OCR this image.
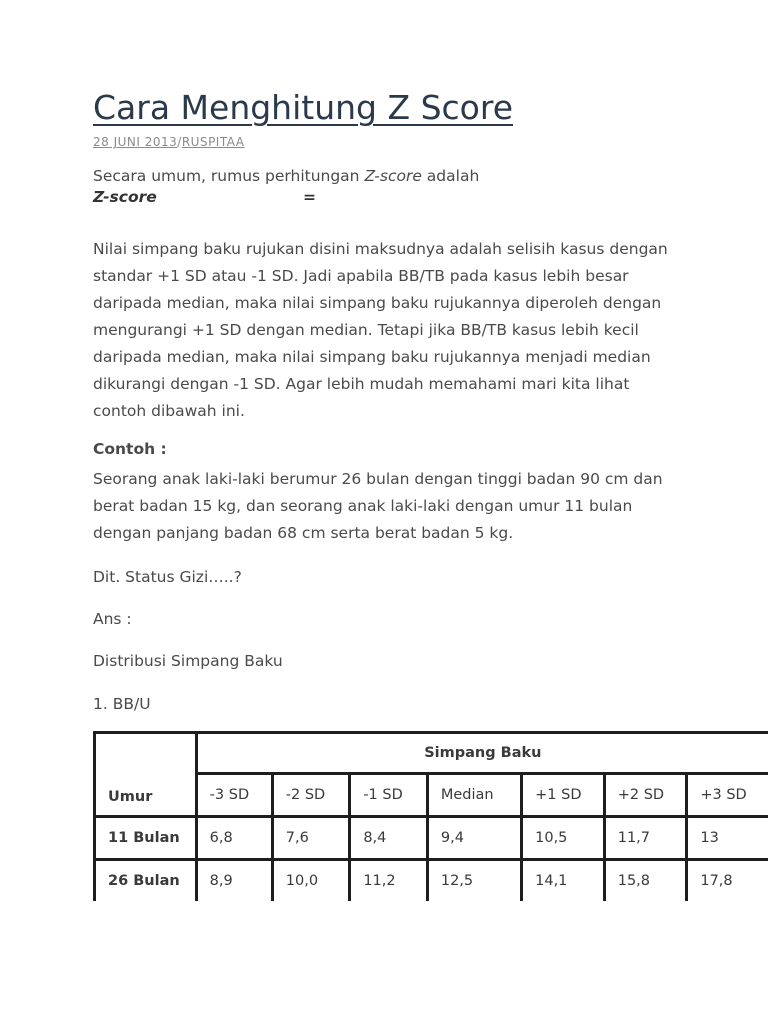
Cara Menghitung Z Score
28 JUNI 2013/RUSPITAA
Secara umum, rumus perhitungan Z-score adalah
Z-score	=
Nilai simpang baku rujukan disini maksudnya adalah selisih kasus dengan standar +1 SD atau -1 SD. Jadi apabila BB/TB pada kasus lebih besar daripada median, maka nilai simpang baku rujukannya diperoleh dengan mengurangi +1 SD dengan median. Tetapi jika BB/TB kasus lebih kecil daripada median, maka nilai simpang baku rujukannya menjadi median dikurangi dengan -1 SD. Agar lebih mudah memahami mari kita lihat contoh dibawah ini.
Contoh :
Seorang anak laki-laki berumur 26 bulan dengan tinggi badan 90 cm dan berat badan 15 kg, dan seorang anak laki-laki dengan umur 11 bulan dengan panjang badan 68 cm serta berat badan 5 kg.
Dit. Status Gizi…..?
Ans :
Distribusi Simpang Baku
1. BB/U
Umur	Simpang Baku						
	-3 SD	-2 SD	-1 SD	Median	+1 SD	+2 SD	+3 SD
11 Bulan	6,8	7,6	8,4	9,4	10,5	11,7	13
26 Bulan	8,9	10,0	11,2	12,5	14,1	15,8	17,8
